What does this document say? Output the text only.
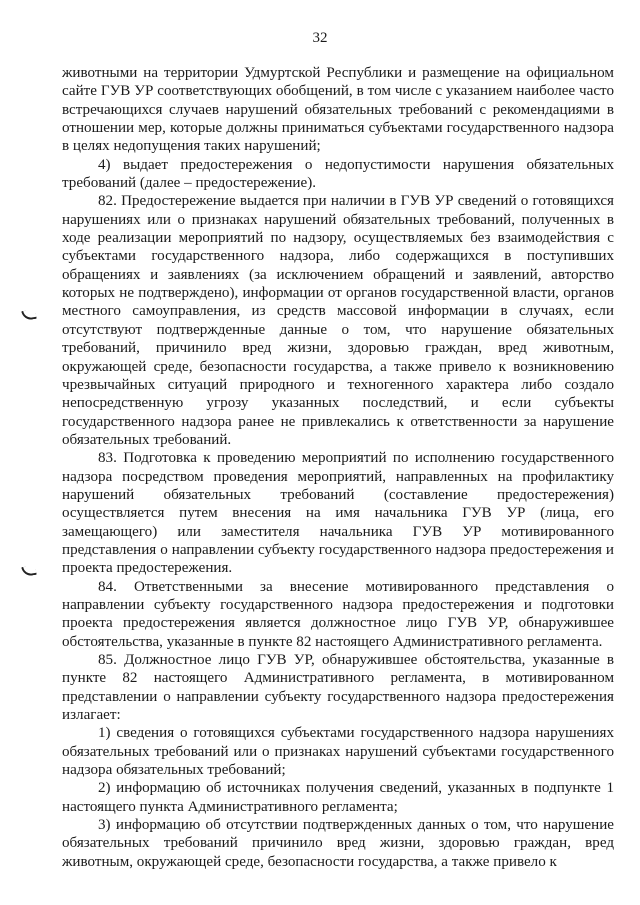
32

животными на территории Удмуртской Республики и размещение на официальном сайте ГУВ УР соответствующих обобщений, в том числе с указанием наиболее часто встречающихся случаев нарушений обязательных требований с рекомендациями в отношении мер, которые должны приниматься субъектами государственного надзора в целях недопущения таких нарушений;

4) выдает предостережения о недопустимости нарушения обязательных требований (далее – предостережение).

82. Предостережение выдается при наличии в ГУВ УР сведений о готовящихся нарушениях или о признаках нарушений обязательных требований, полученных в ходе реализации мероприятий по надзору, осуществляемых без взаимодействия с субъектами государственного надзора, либо содержащихся в поступивших обращениях и заявлениях (за исключением обращений и заявлений, авторство которых не подтверждено), информации от органов государственной власти, органов местного самоуправления, из средств массовой информации в случаях, если отсутствуют подтвержденные данные о том, что нарушение обязательных требований, причинило вред жизни, здоровью граждан, вред животным, окружающей среде, безопасности государства, а также привело к возникновению чрезвычайных ситуаций природного и техногенного характера либо создало непосредственную угрозу указанных последствий, и если субъекты государственного надзора ранее не привлекались к ответственности за нарушение обязательных требований.

83. Подготовка к проведению мероприятий по исполнению государственного надзора посредством проведения мероприятий, направленных на профилактику нарушений обязательных требований (составление предостережения) осуществляется путем внесения на имя начальника ГУВ УР (лица, его замещающего) или заместителя начальника ГУВ УР мотивированного представления о направлении субъекту государственного надзора предостережения и проекта предостережения.

84. Ответственными за внесение мотивированного представления о направлении субъекту государственного надзора предостережения и подготовки проекта предостережения является должностное лицо ГУВ УР, обнаружившее обстоятельства, указанные в пункте 82 настоящего Административного регламента.

85. Должностное лицо ГУВ УР, обнаружившее обстоятельства, указанные в пункте 82 настоящего Административного регламента, в мотивированном представлении о направлении субъекту государственного надзора предостережения излагает:

1) сведения о готовящихся субъектами государственного надзора нарушениях обязательных требований или о признаках нарушений субъектами государственного надзора обязательных требований;

2) информацию об источниках получения сведений, указанных в подпункте 1 настоящего пункта Административного регламента;

3) информацию об отсутствии подтвержденных данных о том, что нарушение обязательных требований причинило вред жизни, здоровью граждан, вред животным, окружающей среде, безопасности государства, а также привело к
